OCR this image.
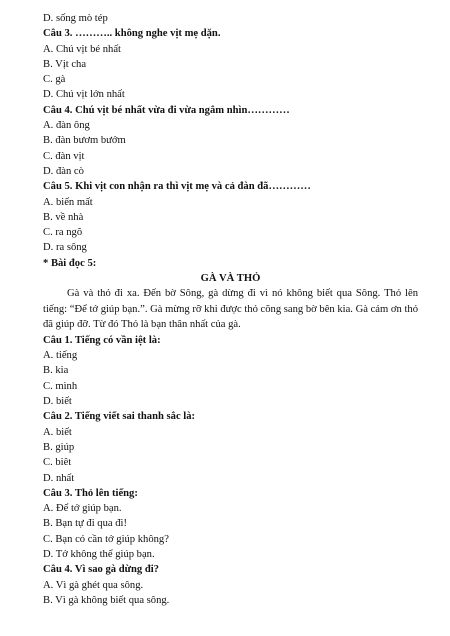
D. sống mò tép
Câu 3. ……….. không nghe vịt mẹ dặn.
A. Chú vịt bé nhất
B. Vịt cha
C. gà
D. Chú vịt lớn nhất
Câu 4. Chú vịt bé nhất vừa đi vừa ngắm nhìn…………
A. đàn ông
B. đàn bươm bướm
C. đàn vịt
D. đàn cò
Câu 5. Khi vịt con nhận ra thì vịt mẹ và cả đàn đã…………
A. biến mất
B. về nhà
C. ra ngõ
D. ra sông
* Bài đọc 5:
GÀ VÀ THỎ
Gà và thỏ đi xa. Đến bờ Sông, gà dừng đi vì nó không biết qua Sông. Thỏ lên tiếng: “Để tớ giúp bạn.”. Gà mừng rỡ khi được thỏ cõng sang bờ bên kia. Gà cảm ơn thỏ đã giúp đỡ. Từ đó Thỏ là bạn thân nhất của gà.
Câu 1. Tiếng có vần iệt là:
A. tiếng
B. kia
C. mình
D. biết
Câu 2. Tiếng viết sai thanh sắc là:
A. biết
B. giúp
C. biêt
D. nhất
Câu 3. Thỏ lên tiếng:
A. Để tớ giúp bạn.
B. Bạn tự đi qua đi!
C. Bạn có cần tớ giúp không?
D. Tớ không thể giúp bạn.
Câu 4. Vì sao gà dừng đi?
A. Vì gà ghét qua sông.
B. Vì gà không biết qua sông.
